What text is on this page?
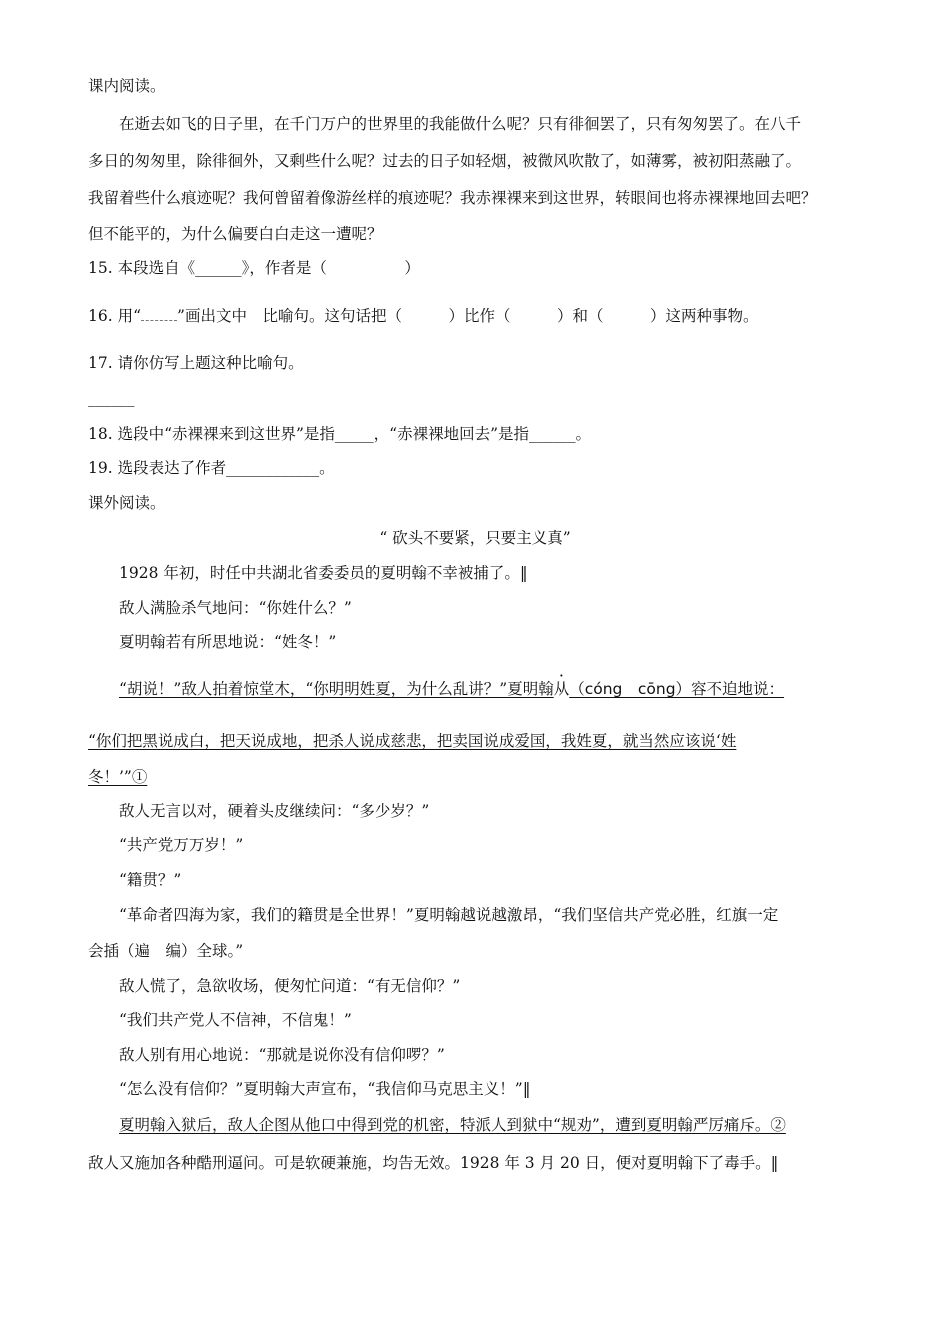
课内阅读。
在逝去如飞的日子里，在千门万户的世界里的我能做什么呢？只有徘徊罢了，只有匆匆罢了。在八千
多日的匆匆里，除徘徊外，又剩些什么呢？过去的日子如轻烟，被微风吹散了，如薄雾，被初阳蒸融了。
我留着些什么痕迹呢？我何曾留着像游丝样的痕迹呢？我赤裸裸来到这世界，转眼间也将赤裸裸地回去吧？
但不能平的，为什么偏要白白走这一遭呢？
15. 本段选自《______》，作者是（　　　　　）
16. 用“ ”画出文中　比喻句。这句话把（　　　）比作（　　　）和（　　　）这两种事物。
17. 请你仿写上题这种比喻句。
______
18. 选段中“赤裸裸来到这世界”是指_____，“赤裸裸地回去”是指______。
19. 选段表达了作者____________。
课外阅读。
“ 砍头不要紧，只要主义真”
1928 年初，时任中共湖北省委委员的夏明翰不幸被捕了。‖
敌人满脸杀气地问：“你姓什么？”
夏明翰若有所思地说：“姓冬！”
“胡说！”敌人拍着惊堂木，“你明明姓夏，为什么乱讲？”夏明翰从（cóng　cōng）容不迫地说：
“你们把黑说成白，把天说成地，把杀人说成慈悲，把卖国说成爱国，我姓夏，就当然应该说‘姓
冬！’”①
敌人无言以对，硬着头皮继续问：“多少岁？”
“共产党万万岁！”
“籍贯？”
“革命者四海为家，我们的籍贯是全世界！”夏明翰越说越激昂，“我们坚信共产党必胜，红旗一定
会插（遍　编）全球。”
敌人慌了，急欲收场，便匆忙问道：“有无信仰？”
“我们共产党人不信神，不信鬼！”
敌人别有用心地说：“那就是说你没有信仰啰？”
“怎么没有信仰？”夏明翰大声宣布，“我信仰马克思主义！”‖
夏明翰入狱后，敌人企图从他口中得到党的机密，特派人到狱中“规劝”，遭到夏明翰严厉痛斥。②
敌人又施加各种酷刑逼问。可是软硬兼施，均告无效。1928 年 3 月 20 日，便对夏明翰下了毒手。‖
